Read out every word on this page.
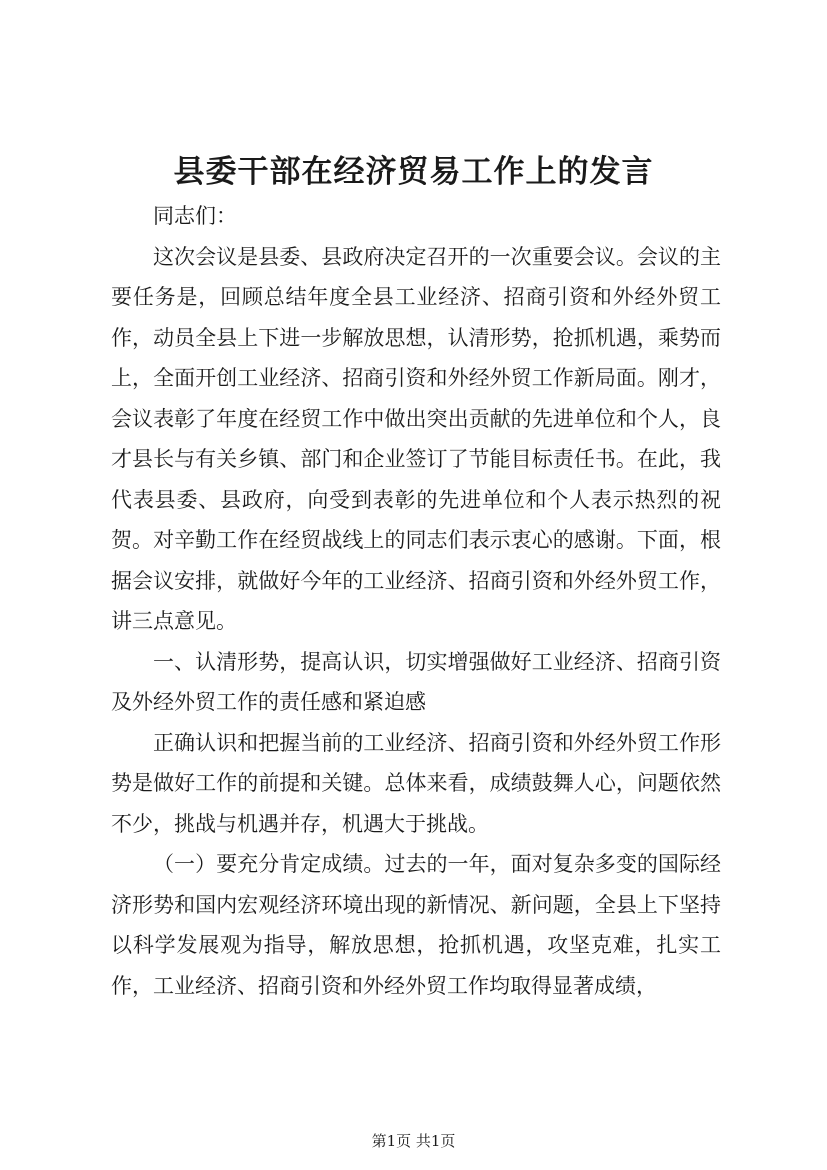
县委干部在经济贸易工作上的发言

同志们：

这次会议是县委、县政府决定召开的一次重要会议。会议的主要任务是，回顾总结年度全县工业经济、招商引资和外经外贸工作，动员全县上下进一步解放思想，认清形势，抢抓机遇，乘势而上，全面开创工业经济、招商引资和外经外贸工作新局面。刚才，会议表彰了年度在经贸工作中做出突出贡献的先进单位和个人，良才县长与有关乡镇、部门和企业签订了节能目标责任书。在此，我代表县委、县政府，向受到表彰的先进单位和个人表示热烈的祝贺。对辛勤工作在经贸战线上的同志们表示衷心的感谢。下面，根据会议安排，就做好今年的工业经济、招商引资和外经外贸工作，讲三点意见。

一、认清形势，提高认识，切实增强做好工业经济、招商引资及外经外贸工作的责任感和紧迫感

正确认识和把握当前的工业经济、招商引资和外经外贸工作形势是做好工作的前提和关键。总体来看，成绩鼓舞人心，问题依然不少，挑战与机遇并存，机遇大于挑战。

（一）要充分肯定成绩。过去的一年，面对复杂多变的国际经济形势和国内宏观经济环境出现的新情况、新问题，全县上下坚持以科学发展观为指导，解放思想，抢抓机遇，攻坚克难，扎实工作，工业经济、招商引资和外经外贸工作均取得显著成绩，

第1页 共1页
